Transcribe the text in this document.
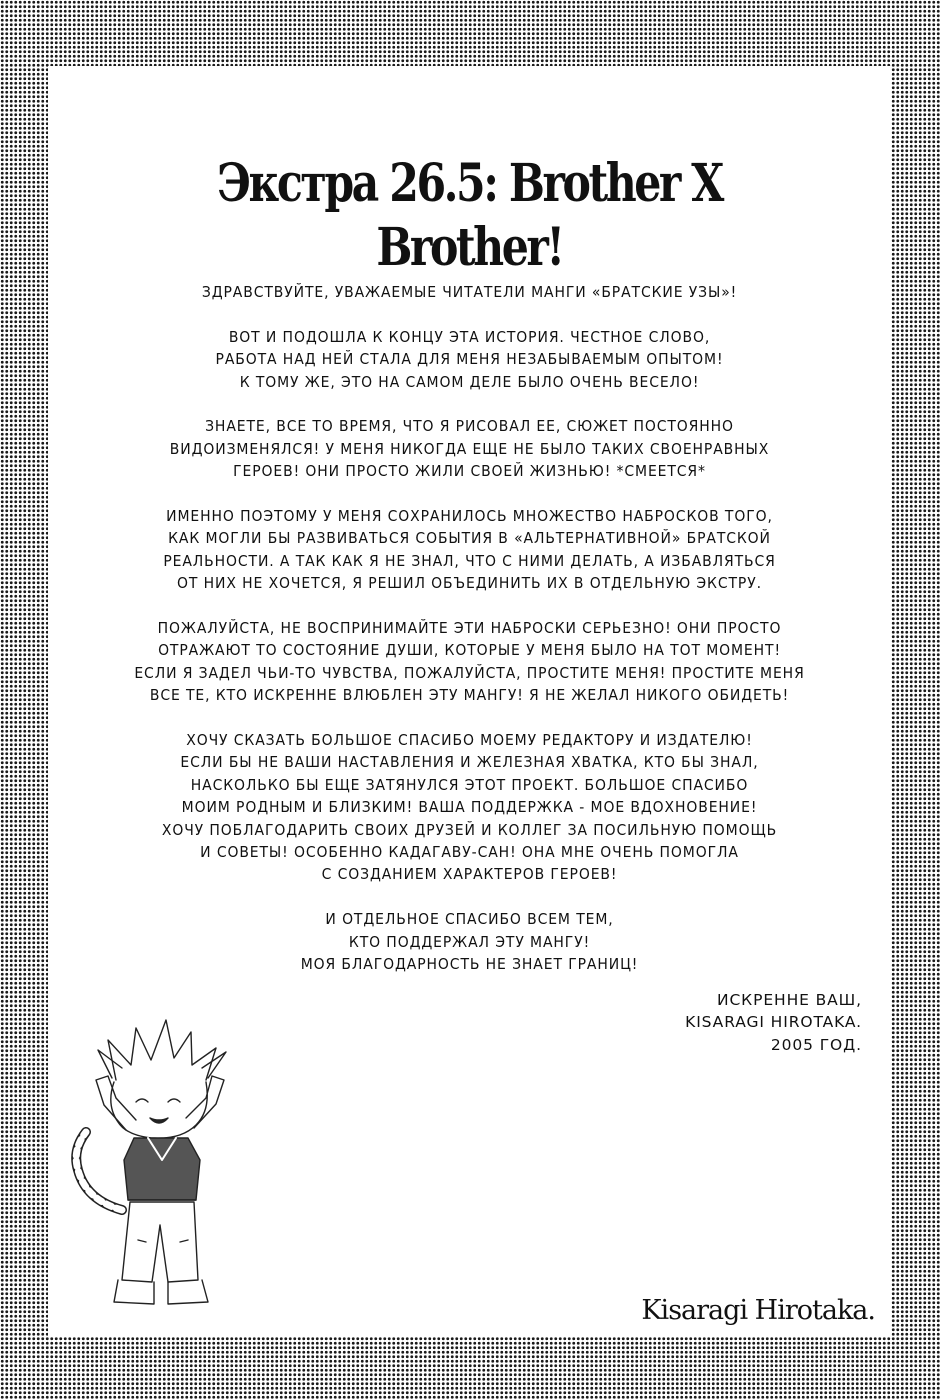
Экстра 26.5: Brother X Brother!

ЗДРАВСТВУЙТЕ, УВАЖАЕМЫЕ ЧИТАТЕЛИ МАНГИ «БРАТСКИЕ УЗЫ»!

ВОТ И ПОДОШЛА К КОНЦУ ЭТА ИСТОРИЯ. ЧЕСТНОЕ СЛОВО,
РАБОТА НАД НЕЙ СТАЛА ДЛЯ МЕНЯ НЕЗАБЫВАЕМЫМ ОПЫТОМ!
К ТОМУ ЖЕ, ЭТО НА САМОМ ДЕЛЕ БЫЛО ОЧЕНЬ ВЕСЕЛО!

ЗНАЕТЕ, ВСЕ ТО ВРЕМЯ, ЧТО Я РИСОВАЛ ЕЕ, СЮЖЕТ ПОСТОЯННО
ВИДОИЗМЕНЯЛСЯ! У МЕНЯ НИКОГДА ЕЩЕ НЕ БЫЛО ТАКИХ СВОЕНРАВНЫХ
ГЕРОЕВ! ОНИ ПРОСТО ЖИЛИ СВОЕЙ ЖИЗНЬЮ! *СМЕЕТСЯ*

ИМЕННО ПОЭТОМУ У МЕНЯ СОХРАНИЛОСЬ МНОЖЕСТВО НАБРОСКОВ ТОГО,
КАК МОГЛИ БЫ РАЗВИВАТЬСЯ СОБЫТИЯ В «АЛЬТЕРНАТИВНОЙ» БРАТСКОЙ
РЕАЛЬНОСТИ. А ТАК КАК Я НЕ ЗНАЛ, ЧТО С НИМИ ДЕЛАТЬ, А ИЗБАВЛЯТЬСЯ
ОТ НИХ НЕ ХОЧЕТСЯ, Я РЕШИЛ ОБЪЕДИНИТЬ ИХ В ОТДЕЛЬНУЮ ЭКСТРУ.

ПОЖАЛУЙСТА, НЕ ВОСПРИНИМАЙТЕ ЭТИ НАБРОСКИ СЕРЬЕЗНО! ОНИ ПРОСТО
ОТРАЖАЮТ ТО СОСТОЯНИЕ ДУШИ, КОТОРЫЕ У МЕНЯ БЫЛО НА ТОТ МОМЕНТ!
ЕСЛИ Я ЗАДЕЛ ЧЬИ-ТО ЧУВСТВА, ПОЖАЛУЙСТА, ПРОСТИТЕ МЕНЯ! ПРОСТИТЕ МЕНЯ
ВСЕ ТЕ, КТО ИСКРЕННЕ ВЛЮБЛЕН ЭТУ МАНГУ! Я НЕ ЖЕЛАЛ НИКОГО ОБИДЕТЬ!

ХОЧУ СКАЗАТЬ БОЛЬШОЕ СПАСИБО МОЕМУ РЕДАКТОРУ И ИЗДАТЕЛЮ!
ЕСЛИ БЫ НЕ ВАШИ НАСТАВЛЕНИЯ И ЖЕЛЕЗНАЯ ХВАТКА, КТО БЫ ЗНАЛ,
НАСКОЛЬКО БЫ ЕЩЕ ЗАТЯНУЛСЯ ЭТОТ ПРОЕКТ. БОЛЬШОЕ СПАСИБО
МОИМ РОДНЫМ И БЛИЗКИМ! ВАША ПОДДЕРЖКА - МОЕ ВДОХНОВЕНИЕ!
ХОЧУ ПОБЛАГОДАРИТЬ СВОИХ ДРУЗЕЙ И КОЛЛЕГ ЗА ПОСИЛЬНУЮ ПОМОЩЬ
И СОВЕТЫ! ОСОБЕННО КАДАГАВУ-САН! ОНА МНЕ ОЧЕНЬ ПОМОГЛА
С СОЗДАНИЕМ ХАРАКТЕРОВ ГЕРОЕВ!

И ОТДЕЛЬНОЕ СПАСИБО ВСЕМ ТЕМ,
КТО ПОДДЕРЖАЛ ЭТУ МАНГУ!
МОЯ БЛАГОДАРНОСТЬ НЕ ЗНАЕТ ГРАНИЦ!

ИСКРЕННЕ ВАШ,
KISARAGI HIROTAKA.
2005 ГОД.
Kisaragi Hirotaka.
